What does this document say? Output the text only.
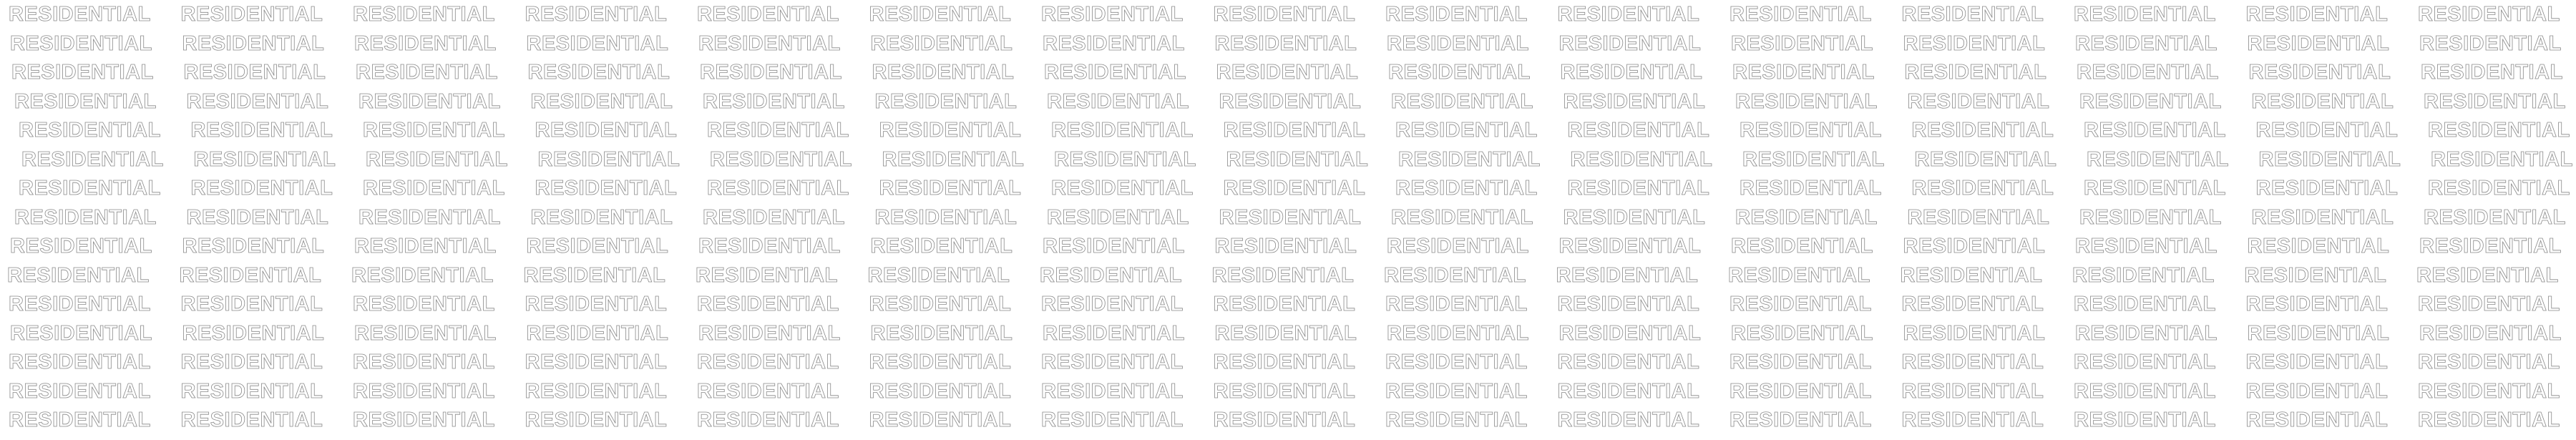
RESIDENTIAL RESIDENTIAL RESIDENTIAL RESIDENTIAL RESIDENTIAL RESIDENTIAL RESIDENTIAL RESIDENTIAL RESIDENTIAL RESIDENTIAL RESIDENTIAL RESIDENTIAL RESIDENTIAL RESIDENTIAL RESIDENTIAL
RESIDENTIAL RESIDENTIAL RESIDENTIAL RESIDENTIAL RESIDENTIAL RESIDENTIAL RESIDENTIAL RESIDENTIAL RESIDENTIAL RESIDENTIAL RESIDENTIAL RESIDENTIAL RESIDENTIAL RESIDENTIAL RESIDENTIAL
RESIDENTIAL RESIDENTIAL RESIDENTIAL RESIDENTIAL RESIDENTIAL RESIDENTIAL RESIDENTIAL RESIDENTIAL RESIDENTIAL RESIDENTIAL RESIDENTIAL RESIDENTIAL RESIDENTIAL RESIDENTIAL RESIDENTIAL
RESIDENTIAL RESIDENTIAL RESIDENTIAL RESIDENTIAL RESIDENTIAL RESIDENTIAL RESIDENTIAL RESIDENTIAL RESIDENTIAL RESIDENTIAL RESIDENTIAL RESIDENTIAL RESIDENTIAL RESIDENTIAL RESIDENTIAL
RESIDENTIAL RESIDENTIAL RESIDENTIAL RESIDENTIAL RESIDENTIAL RESIDENTIAL RESIDENTIAL RESIDENTIAL RESIDENTIAL RESIDENTIAL RESIDENTIAL RESIDENTIAL RESIDENTIAL RESIDENTIAL RESIDENTIAL
RESIDENTIAL RESIDENTIAL RESIDENTIAL RESIDENTIAL RESIDENTIAL RESIDENTIAL RESIDENTIAL RESIDENTIAL RESIDENTIAL RESIDENTIAL RESIDENTIAL RESIDENTIAL RESIDENTIAL RESIDENTIAL RESIDENTIAL
RESIDENTIAL RESIDENTIAL RESIDENTIAL RESIDENTIAL RESIDENTIAL RESIDENTIAL RESIDENTIAL RESIDENTIAL RESIDENTIAL RESIDENTIAL RESIDENTIAL RESIDENTIAL RESIDENTIAL RESIDENTIAL RESIDENTIAL
RESIDENTIAL RESIDENTIAL RESIDENTIAL RESIDENTIAL RESIDENTIAL RESIDENTIAL RESIDENTIAL RESIDENTIAL RESIDENTIAL RESIDENTIAL RESIDENTIAL RESIDENTIAL RESIDENTIAL RESIDENTIAL RESIDENTIAL
RESIDENTIAL RESIDENTIAL RESIDENTIAL RESIDENTIAL RESIDENTIAL RESIDENTIAL RESIDENTIAL RESIDENTIAL RESIDENTIAL RESIDENTIAL RESIDENTIAL RESIDENTIAL RESIDENTIAL RESIDENTIAL RESIDENTIAL
RESIDENTIAL RESIDENTIAL RESIDENTIAL RESIDENTIAL RESIDENTIAL RESIDENTIAL RESIDENTIAL RESIDENTIAL RESIDENTIAL RESIDENTIAL RESIDENTIAL RESIDENTIAL RESIDENTIAL RESIDENTIAL RESIDENTIAL
RESIDENTIAL RESIDENTIAL RESIDENTIAL RESIDENTIAL RESIDENTIAL RESIDENTIAL RESIDENTIAL RESIDENTIAL RESIDENTIAL RESIDENTIAL RESIDENTIAL RESIDENTIAL RESIDENTIAL RESIDENTIAL RESIDENTIAL
RESIDENTIAL RESIDENTIAL RESIDENTIAL RESIDENTIAL RESIDENTIAL RESIDENTIAL RESIDENTIAL RESIDENTIAL RESIDENTIAL RESIDENTIAL RESIDENTIAL RESIDENTIAL RESIDENTIAL RESIDENTIAL RESIDENTIAL
RESIDENTIAL RESIDENTIAL RESIDENTIAL RESIDENTIAL RESIDENTIAL RESIDENTIAL RESIDENTIAL RESIDENTIAL RESIDENTIAL RESIDENTIAL RESIDENTIAL RESIDENTIAL RESIDENTIAL RESIDENTIAL RESIDENTIAL
RESIDENTIAL RESIDENTIAL RESIDENTIAL RESIDENTIAL RESIDENTIAL RESIDENTIAL RESIDENTIAL RESIDENTIAL RESIDENTIAL RESIDENTIAL RESIDENTIAL RESIDENTIAL RESIDENTIAL RESIDENTIAL RESIDENTIAL
RESIDENTIAL RESIDENTIAL RESIDENTIAL RESIDENTIAL RESIDENTIAL RESIDENTIAL RESIDENTIAL RESIDENTIAL RESIDENTIAL RESIDENTIAL RESIDENTIAL RESIDENTIAL RESIDENTIAL RESIDENTIAL RESIDENTIAL
